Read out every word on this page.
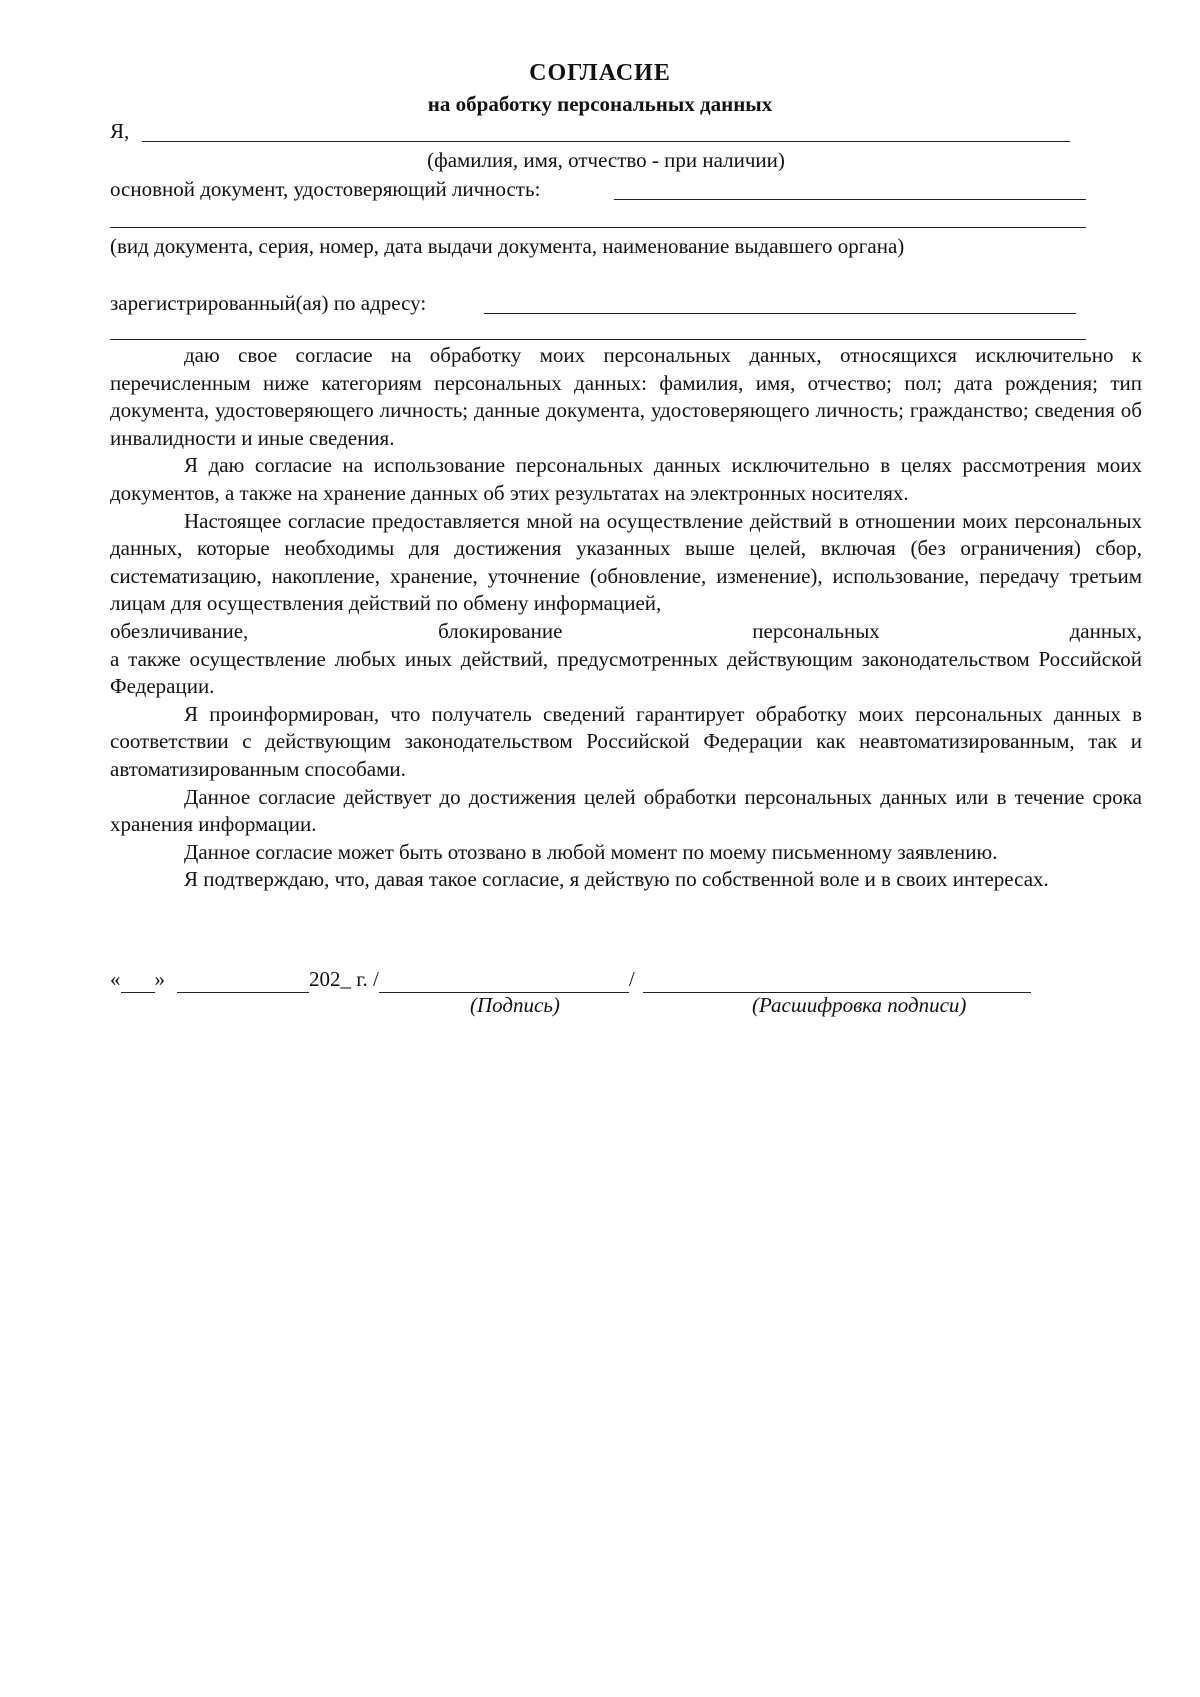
СОГЛАСИЕ
на обработку персональных данных

Я,

(фамилия, имя, отчество - при наличии)

основной документ, удостоверяющий личность:

(вид документа, серия, номер, дата выдачи документа, наименование выдавшего органа)

зарегистрированный(ая) по адресу:

даю свое согласие на обработку моих персональных данных, относящихся исключительно к перечисленным ниже категориям персональных данных: фамилия, имя, отчество; пол; дата рождения; тип документа, удостоверяющего личность; данные документа, удостоверяющего личность; гражданство; сведения об инвалидности и иные сведения.

Я даю согласие на использование персональных данных исключительно в целях рассмотрения моих документов, а также на хранение данных об этих результатах на электронных носителях.

Настоящее согласие предоставляется мной на осуществление действий в отношении моих персональных данных, которые необходимы для достижения указанных выше целей, включая (без ограничения) сбор, систематизацию, накопление, хранение, уточнение (обновление, изменение), использование, передачу третьим лицам для осуществления действий по обмену информацией,

обезличивание,	блокирование	персональных	данных,

а также осуществление любых иных действий, предусмотренных действующим законодательством Российской Федерации.

Я проинформирован, что получатель сведений гарантирует обработку моих персональных данных в соответствии с действующим законодательством Российской Федерации как неавтоматизированным, так и автоматизированным способами.

Данное согласие действует до достижения целей обработки персональных данных или в течение срока хранения информации.

Данное согласие может быть отозвано в любой момент по моему письменному заявлению.

Я подтверждаю, что, давая такое согласие, я действую по собственной воле и в своих интересах.

« »	202_ г. /	/

(Подпись)	(Расшифровка подписи)
